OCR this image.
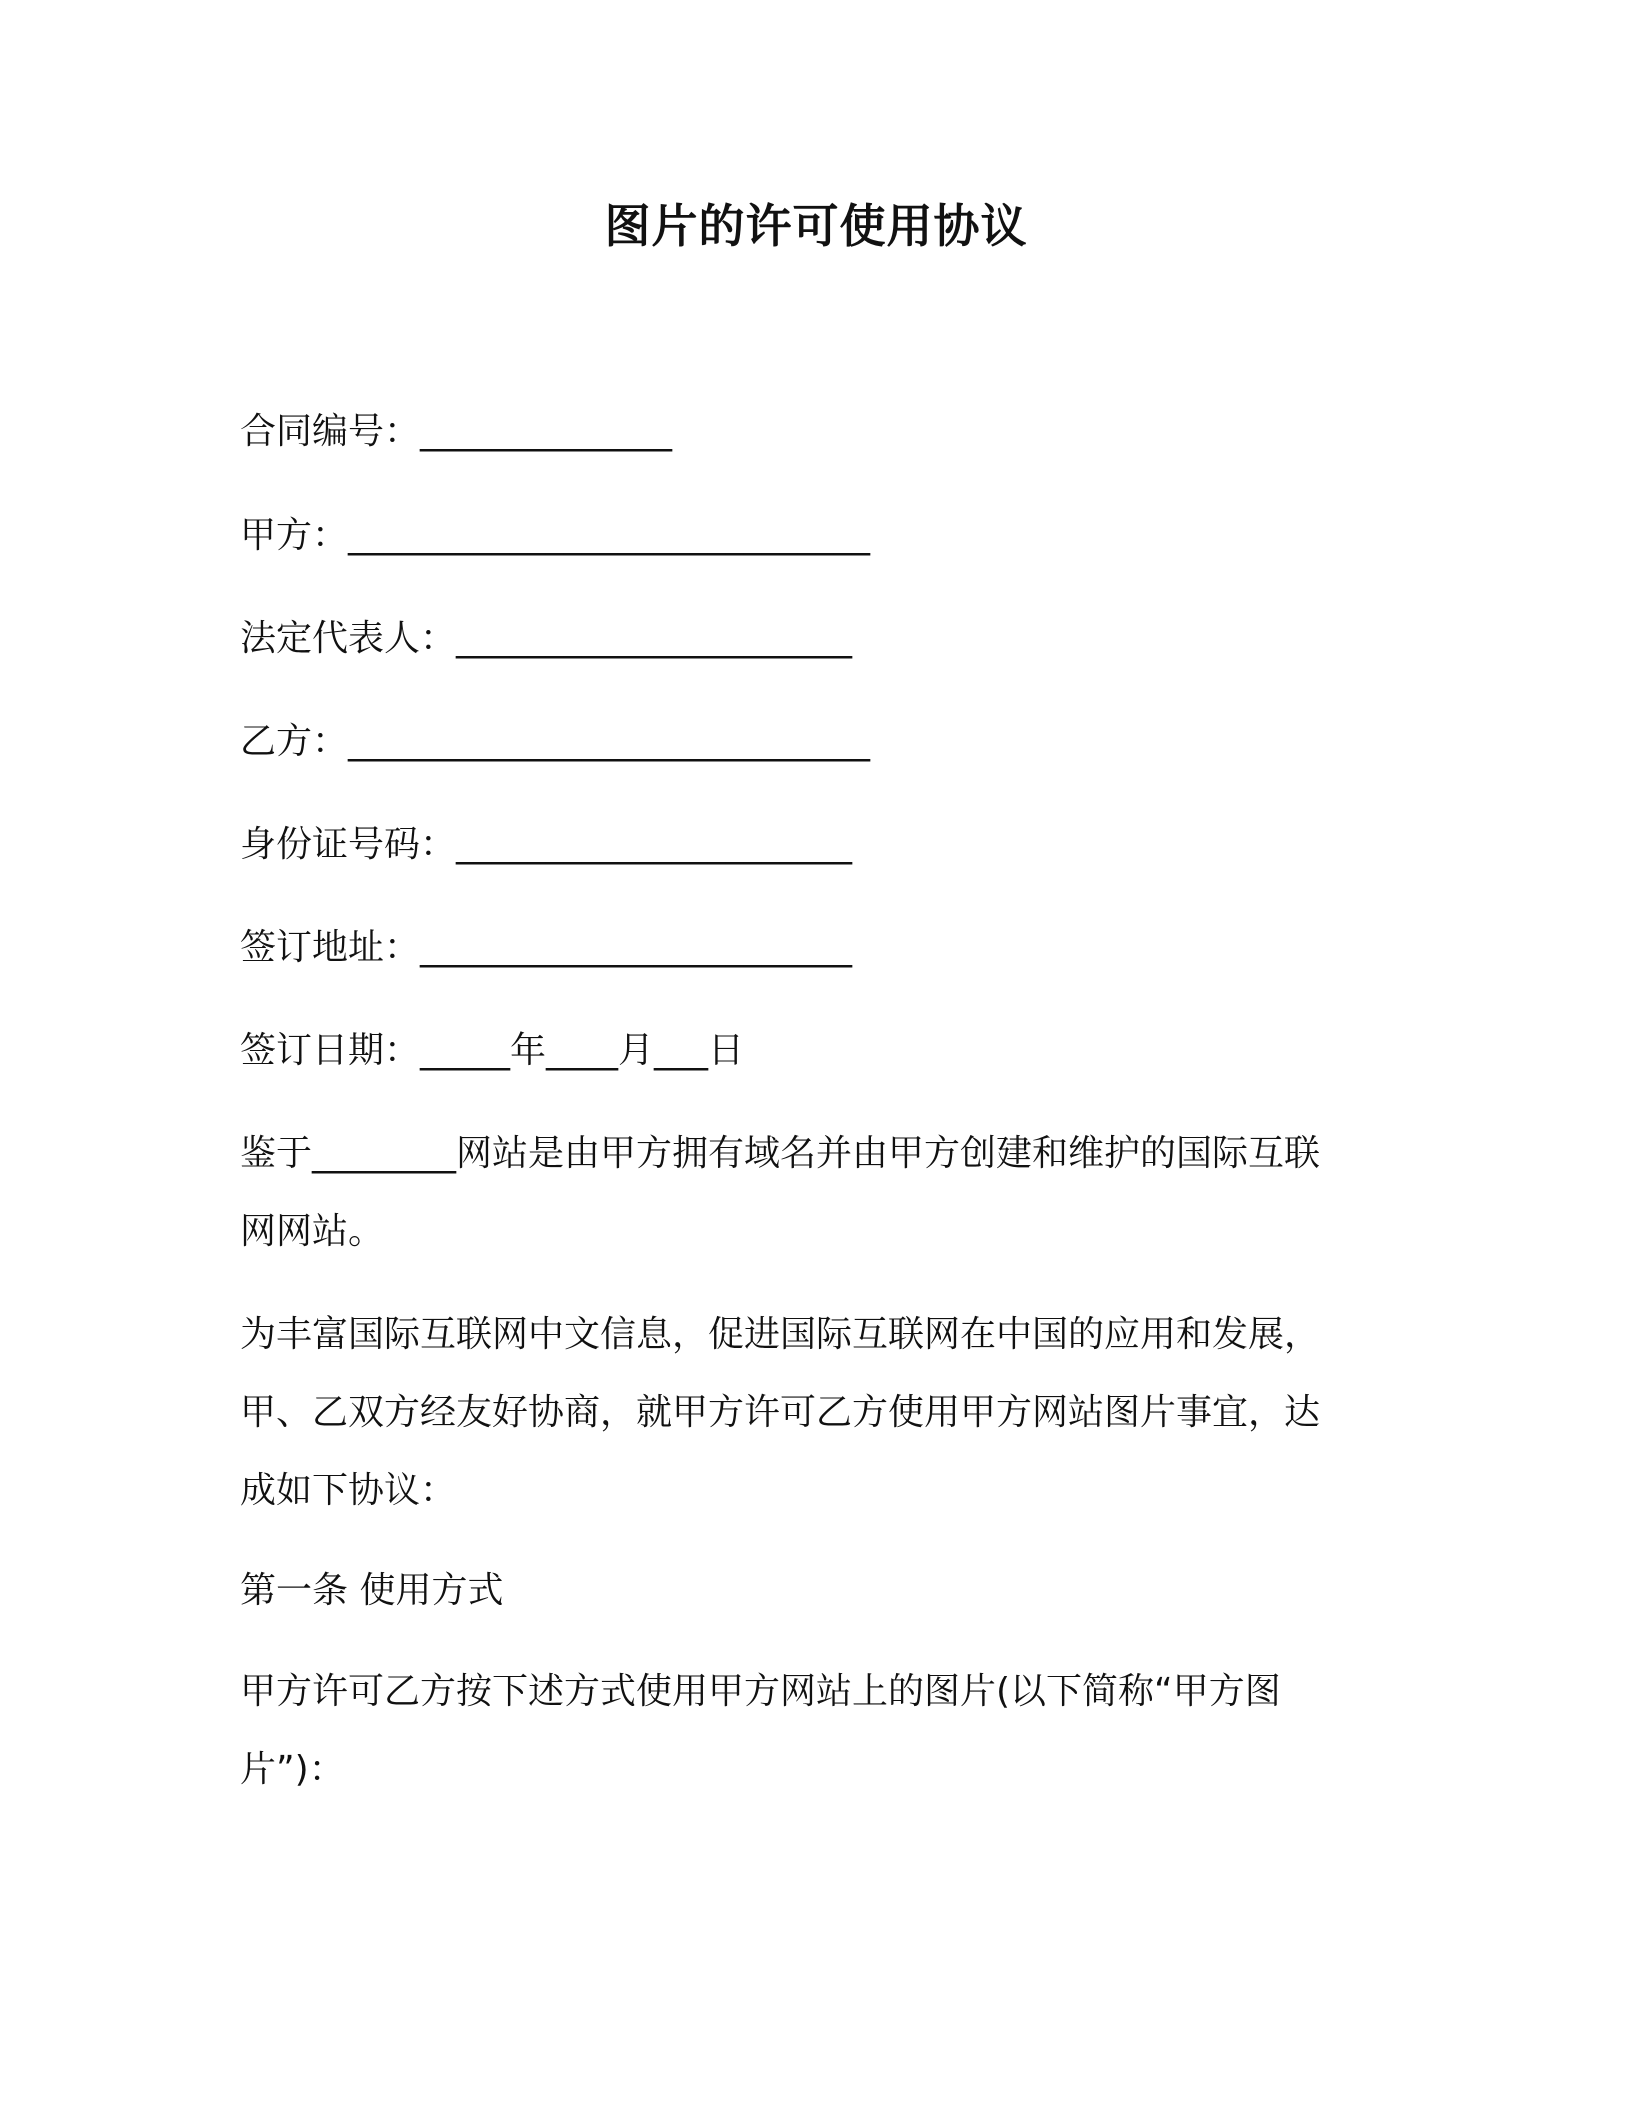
图片的许可使用协议
合同编号：______________
甲方：_____________________________
法定代表人：______________________
乙方：_____________________________
身份证号码：______________________
签订地址：________________________
签订日期：_____年____月___日
鉴于________网站是由甲方拥有域名并由甲方创建和维护的国际互联
网网站。
为丰富国际互联网中文信息，促进国际互联网在中国的应用和发展，
甲、乙双方经友好协商，就甲方许可乙方使用甲方网站图片事宜，达
成如下协议：
第一条 使用方式
甲方许可乙方按下述方式使用甲方网站上的图片(以下简称“甲方图
片”)：
